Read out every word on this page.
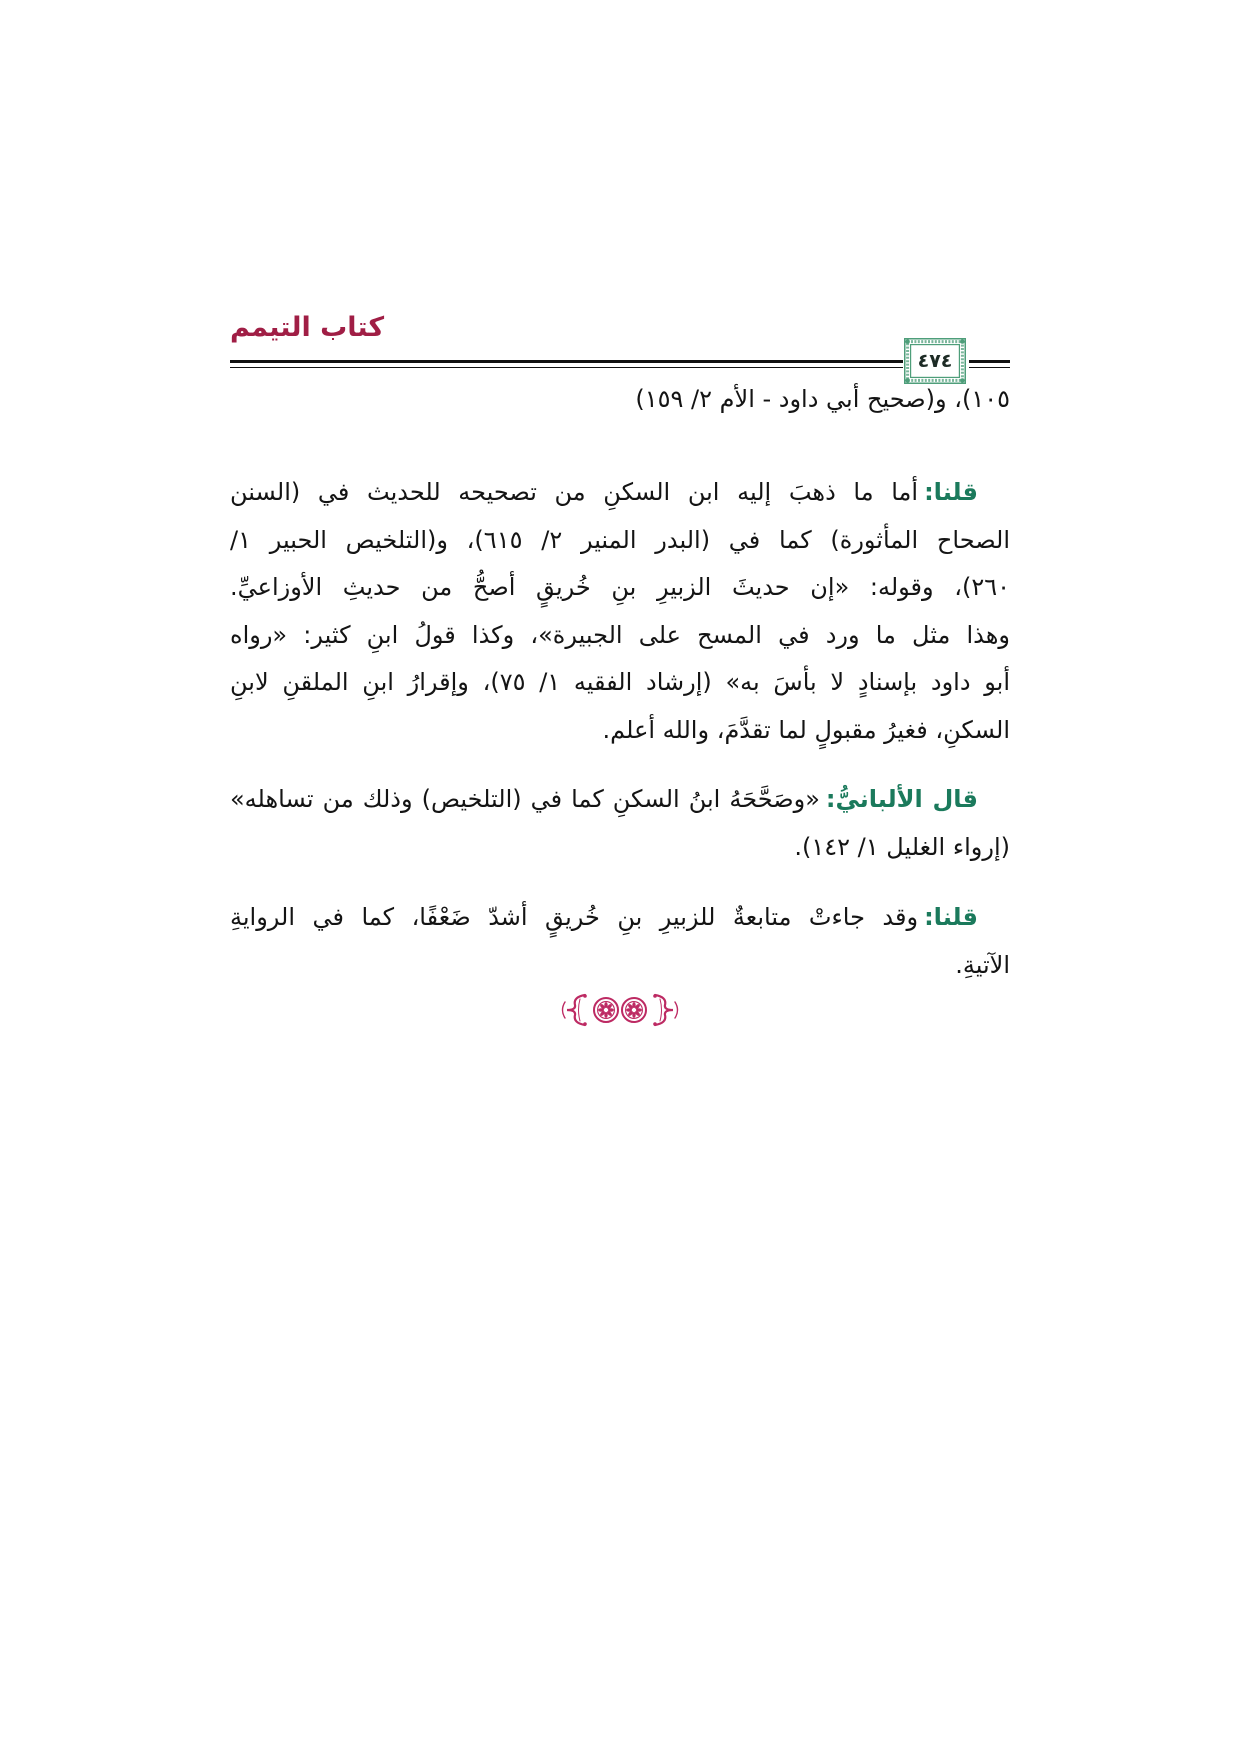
كتاب التيمم
٤٧٤
١٠٥)، و(صحيح أبي داود - الأم ٢/ ١٥٩)
قلنا:أما ما ذهبَ إليه ابن السكنِ من تصحيحه للحديث في (السنن
الصحاح المأثورة) كما في (البدر المنير ٢/ ٦١٥)، و(التلخيص الحبير ١/
٢٦٠)، وقوله: «إن حديثَ الزبيرِ بنِ خُريقٍ أصحُّ من حديثِ الأوزاعيِّ.
وهذا مثل ما ورد في المسح على الجبيرة»، وكذا قولُ ابنِ كثير: «رواه
أبو داود بإسنادٍ لا بأسَ به» (إرشاد الفقيه ١/ ٧٥)، وإقرارُ ابنِ الملقنِ لابنِ
السكنِ، فغيرُ مقبولٍ لما تقدَّمَ، والله أعلم.
قال الألبانيُّ:«وصَحَّحَهُ ابنُ السكنِ كما في (التلخيص) وذلك من تساهله»
(إرواء الغليل ١/ ١٤٢).
قلنا:وقد جاءتْ متابعةٌ للزبيرِ بنِ خُريقٍ أشدّ ضَعْفًا، كما في الروايةِ
الآتيةِ.
